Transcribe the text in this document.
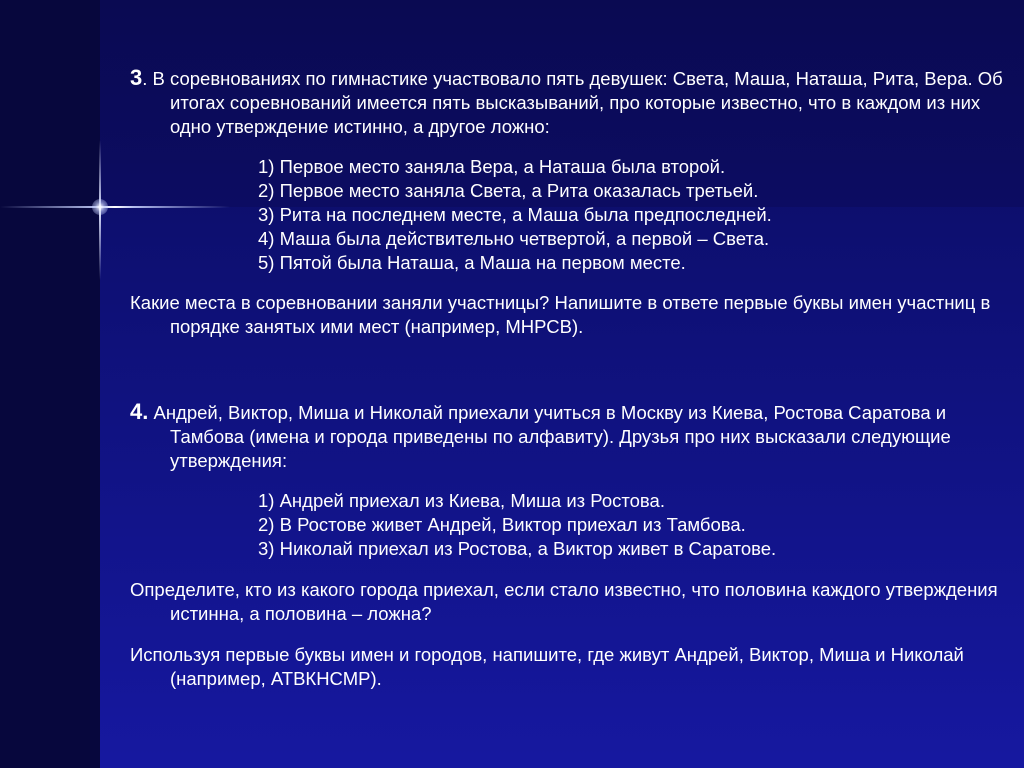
3. В соревнованиях по гимнастике участвовало пять девушек: Света, Маша, Наташа, Рита, Вера. Об итогах соревнований имеется пять высказываний, про которые известно, что в каждом из них одно утверждение истинно, а другое ложно:

1) Первое место заняла Вера, а Наташа была второй.
2) Первое место заняла Света, а Рита оказалась третьей.
3) Рита на последнем месте, а Маша была предпоследней.
4) Маша была действительно четвертой, а первой – Света.
5) Пятой была Наташа, а Маша на первом месте.

Какие места в соревновании заняли участницы? Напишите в ответе первые буквы имен участниц в порядке занятых ими мест (например, МНРСВ).

4. Андрей, Виктор, Миша и Николай приехали учиться в Москву из Киева, Ростова Саратова и Тамбова (имена и города приведены по алфавиту). Друзья про них высказали следующие утверждения:

1) Андрей приехал из Киева, Миша из Ростова.
2) В Ростове живет Андрей, Виктор приехал из Тамбова.
3) Николай приехал из Ростова, а Виктор живет в Саратове.

Определите, кто из какого города приехал, если стало известно, что половина каждого утверждения истинна, а половина – ложна?

Используя первые буквы имен и городов, напишите, где живут Андрей, Виктор, Миша и Николай (например, АТВКНСМР).
